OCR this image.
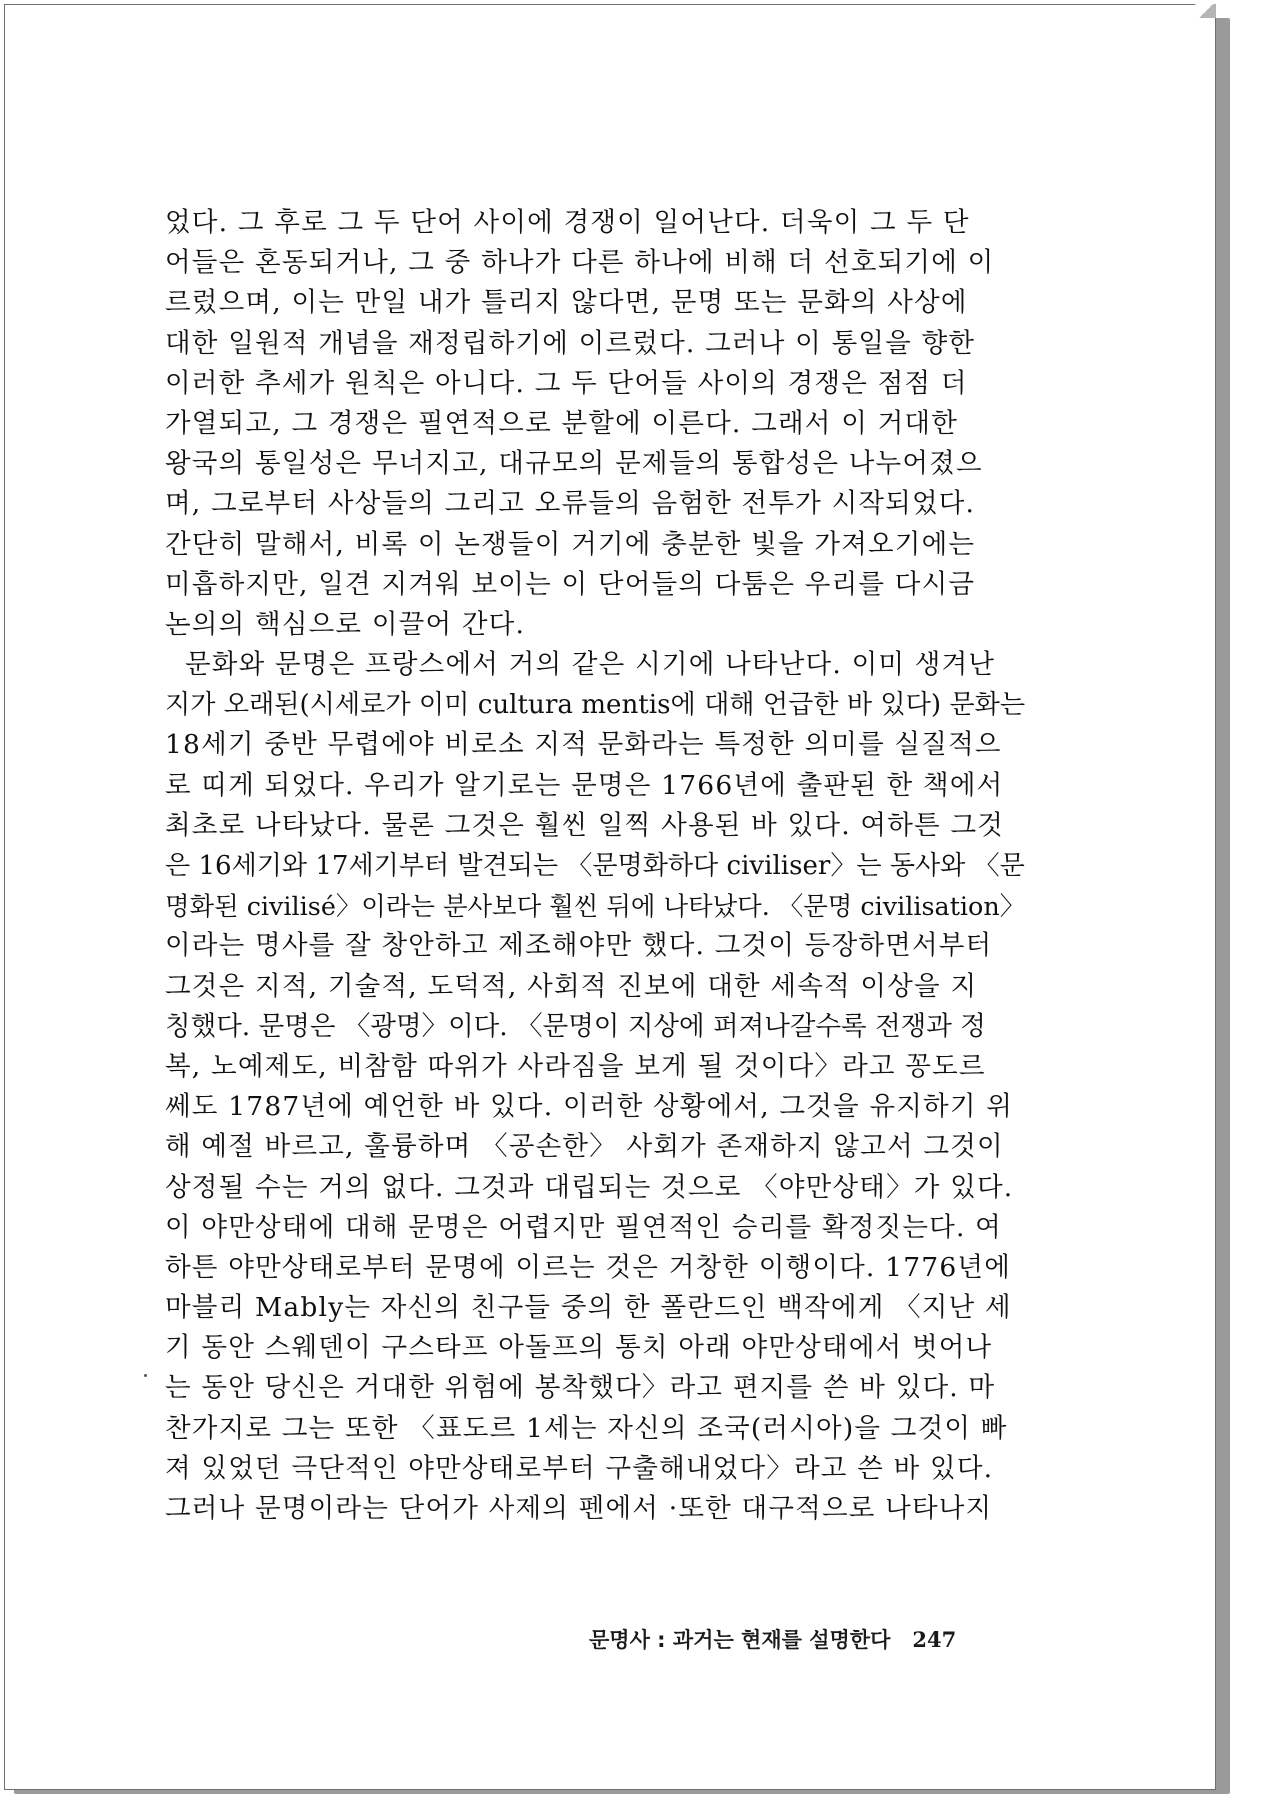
었다. 그 후로 그 두 단어 사이에 경쟁이 일어난다. 더욱이 그 두 단
어들은 혼동되거나, 그 중 하나가 다른 하나에 비해 더 선호되기에 이
르렀으며, 이는 만일 내가 틀리지 않다면, 문명 또는 문화의 사상에
대한 일원적 개념을 재정립하기에 이르렀다. 그러나 이 통일을 향한
이러한 추세가 원칙은 아니다. 그 두 단어들 사이의 경쟁은 점점 더
가열되고, 그 경쟁은 필연적으로 분할에 이른다. 그래서 이 거대한
왕국의 통일성은 무너지고, 대규모의 문제들의 통합성은 나누어졌으
며, 그로부터 사상들의 그리고 오류들의 음험한 전투가 시작되었다.
간단히 말해서, 비록 이 논쟁들이 거기에 충분한 빛을 가져오기에는
미흡하지만, 일견 지겨워 보이는 이 단어들의 다툼은 우리를 다시금
논의의 핵심으로 이끌어 간다.
문화와 문명은 프랑스에서 거의 같은 시기에 나타난다. 이미 생겨난
지가 오래된(시세로가 이미 cultura mentis에 대해 언급한 바 있다) 문화는
18세기 중반 무렵에야 비로소 지적 문화라는 특정한 의미를 실질적으
로 띠게 되었다. 우리가 알기로는 문명은 1766년에 출판된 한 책에서
최초로 나타났다. 물론 그것은 훨씬 일찍 사용된 바 있다. 여하튼 그것
은 16세기와 17세기부터 발견되는 〈문명화하다 civiliser〉는 동사와 〈문
명화된 civilisé〉이라는 분사보다 훨씬 뒤에 나타났다. 〈문명 civilisation〉
이라는 명사를 잘 창안하고 제조해야만 했다. 그것이 등장하면서부터
그것은 지적, 기술적, 도덕적, 사회적 진보에 대한 세속적 이상을 지
칭했다. 문명은 〈광명〉이다. 〈문명이 지상에 퍼져나갈수록 전쟁과 정
복, 노예제도, 비참함 따위가 사라짐을 보게 될 것이다〉라고 꽁도르
쎄도 1787년에 예언한 바 있다. 이러한 상황에서, 그것을 유지하기 위
해 예절 바르고, 훌륭하며 〈공손한〉 사회가 존재하지 않고서 그것이
상정될 수는 거의 없다. 그것과 대립되는 것으로 〈야만상태〉가 있다.
이 야만상태에 대해 문명은 어렵지만 필연적인 승리를 확정짓는다. 여
하튼 야만상태로부터 문명에 이르는 것은 거창한 이행이다. 1776년에
마블리 Mably는 자신의 친구들 중의 한 폴란드인 백작에게 〈지난 세
기 동안 스웨덴이 구스타프 아돌프의 통치 아래 야만상태에서 벗어나
는 동안 당신은 거대한 위험에 봉착했다〉라고 편지를 쓴 바 있다. 마
찬가지로 그는 또한 〈표도르 1세는 자신의 조국(러시아)을 그것이 빠
져 있었던 극단적인 야만상태로부터 구출해내었다〉라고 쓴 바 있다.
그러나 문명이라는 단어가 사제의 펜에서 ·또한 대구적으로 나타나지
문명사 : 과거는 현재를 설명한다 247
